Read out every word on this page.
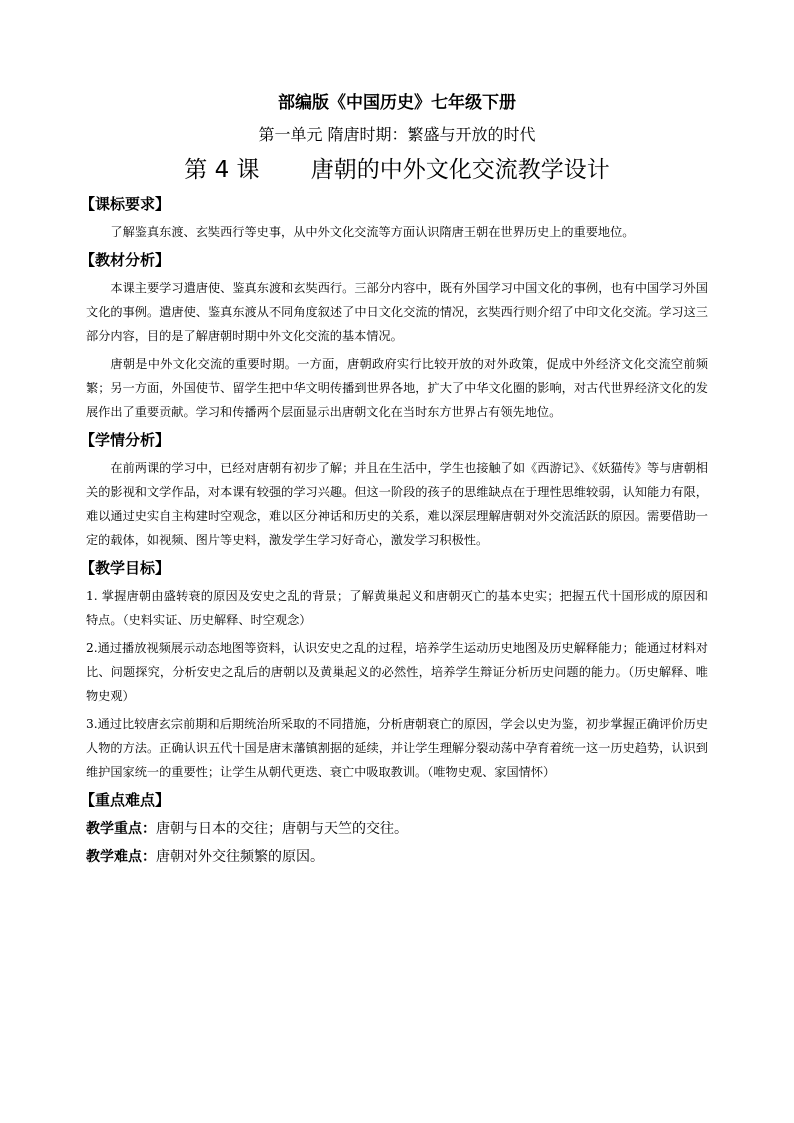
部编版《中国历史》七年级下册
第一单元 隋唐时期：繁盛与开放的时代
第 4 课       唐朝的中外文化交流教学设计
【课标要求】

了解鉴真东渡、玄奘西行等史事，从中外文化交流等方面认识隋唐王朝在世界历史上的重要地位。

【教材分析】

本课主要学习遣唐使、鉴真东渡和玄奘西行。三部分内容中，既有外国学习中国文化的事例，也有中国学习外国文化的事例。遣唐使、鉴真东渡从不同角度叙述了中日文化交流的情况，玄奘西行则介绍了中印文化交流。学习这三部分内容，目的是了解唐朝时期中外文化交流的基本情况。

唐朝是中外文化交流的重要时期。一方面，唐朝政府实行比较开放的对外政策，促成中外经济文化交流空前频繁；另一方面，外国使节、留学生把中华文明传播到世界各地，扩大了中华文化圈的影响，对古代世界经济文化的发展作出了重要贡献。学习和传播两个层面显示出唐朝文化在当时东方世界占有领先地位。

【学情分析】

在前两课的学习中，已经对唐朝有初步了解；并且在生活中，学生也接触了如《西游记》、《妖猫传》等与唐朝相关的影视和文学作品，对本课有较强的学习兴趣。但这一阶段的孩子的思维缺点在于理性思维较弱，认知能力有限，难以通过史实自主构建时空观念，难以区分神话和历史的关系，难以深层理解唐朝对外交流活跃的原因。需要借助一定的载体，如视频、图片等史料，激发学生学习好奇心，激发学习积极性。

【教学目标】

1. 掌握唐朝由盛转衰的原因及安史之乱的背景；了解黄巢起义和唐朝灭亡的基本史实；把握五代十国形成的原因和特点。（史料实证、历史解释、时空观念）

2.通过播放视频展示动态地图等资料，认识安史之乱的过程，培养学生运动历史地图及历史解释能力；能通过材料对比、问题探究，分析安史之乱后的唐朝以及黄巢起义的必然性，培养学生辩证分析历史问题的能力。（历史解释、唯物史观）

3.通过比较唐玄宗前期和后期统治所采取的不同措施，分析唐朝衰亡的原因，学会以史为鉴，初步掌握正确评价历史人物的方法。正确认识五代十国是唐末藩镇割据的延续，并让学生理解分裂动荡中孕育着统一这一历史趋势，认识到维护国家统一的重要性；让学生从朝代更迭、衰亡中吸取教训。（唯物史观、家国情怀）

【重点难点】
教学重点：唐朝与日本的交往；唐朝与天竺的交往。
教学难点：唐朝对外交往频繁的原因。
